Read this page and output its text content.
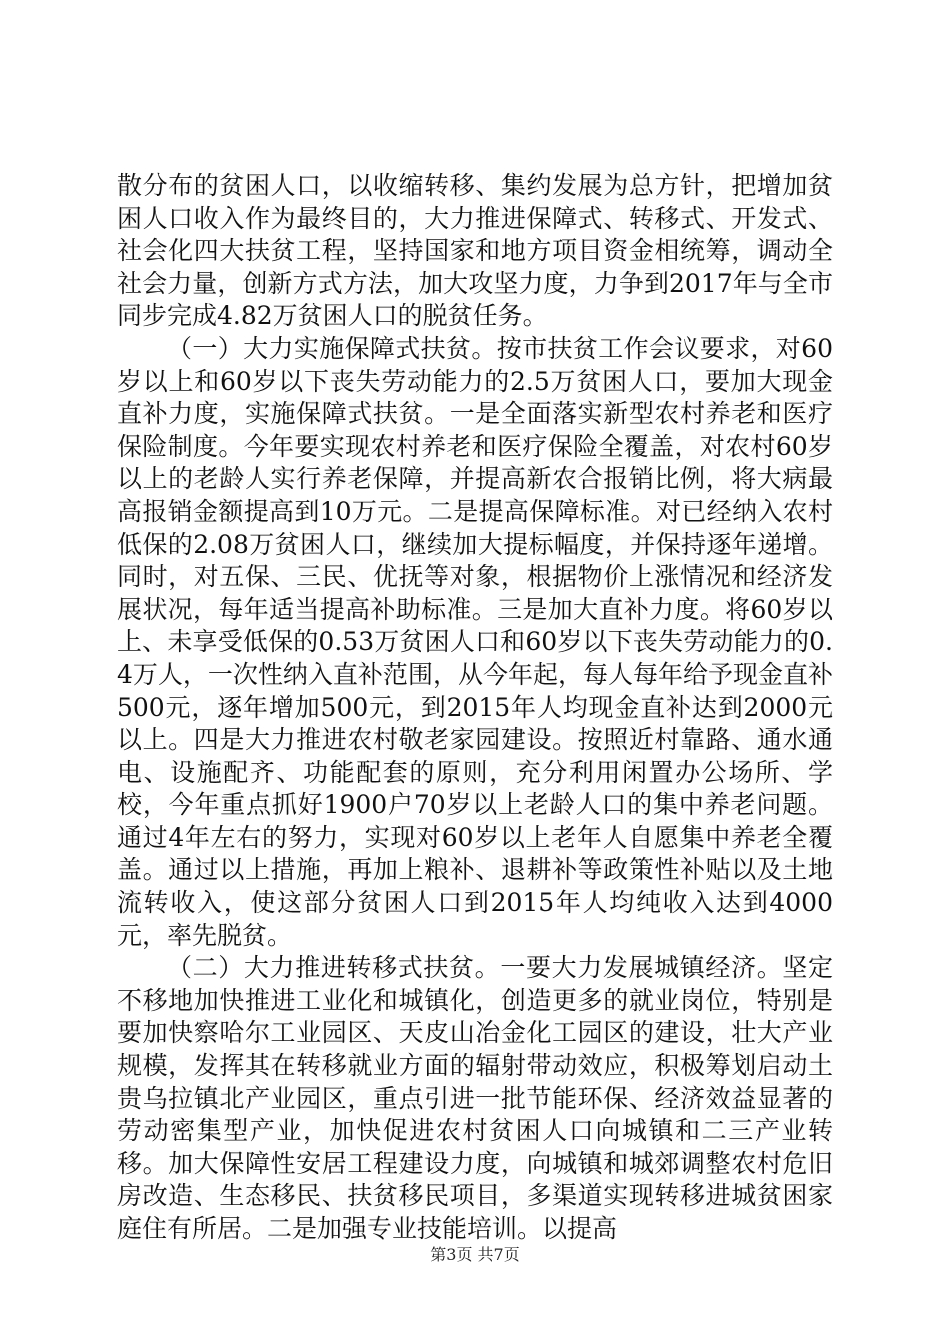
散分布的贫困人口，以收缩转移、集约发展为总方针，把增加贫困人口收入作为最终目的，大力推进保障式、转移式、开发式、社会化四大扶贫工程，坚持国家和地方项目资金相统筹，调动全社会力量，创新方式方法，加大攻坚力度，力争到2017年与全市同步完成4.82万贫困人口的脱贫任务。

（一）大力实施保障式扶贫。按市扶贫工作会议要求，对60岁以上和60岁以下丧失劳动能力的2.5万贫困人口，要加大现金直补力度，实施保障式扶贫。一是全面落实新型农村养老和医疗保险制度。今年要实现农村养老和医疗保险全覆盖，对农村60岁以上的老龄人实行养老保障，并提高新农合报销比例，将大病最高报销金额提高到10万元。二是提高保障标准。对已经纳入农村低保的2.08万贫困人口，继续加大提标幅度，并保持逐年递增。同时，对五保、三民、优抚等对象，根据物价上涨情况和经济发展状况，每年适当提高补助标准。三是加大直补力度。将60岁以上、未享受低保的0.53万贫困人口和60岁以下丧失劳动能力的0.4万人，一次性纳入直补范围，从今年起，每人每年给予现金直补500元，逐年增加500元，到2015年人均现金直补达到2000元以上。四是大力推进农村敬老家园建设。按照近村靠路、通水通电、设施配齐、功能配套的原则，充分利用闲置办公场所、学校，今年重点抓好1900户70岁以上老龄人口的集中养老问题。通过4年左右的努力，实现对60岁以上老年人自愿集中养老全覆盖。通过以上措施，再加上粮补、退耕补等政策性补贴以及土地流转收入，使这部分贫困人口到2015年人均纯收入达到4000元，率先脱贫。

（二）大力推进转移式扶贫。一要大力发展城镇经济。坚定不移地加快推进工业化和城镇化，创造更多的就业岗位，特别是要加快察哈尔工业园区、天皮山冶金化工园区的建设，壮大产业规模，发挥其在转移就业方面的辐射带动效应，积极筹划启动土贵乌拉镇北产业园区，重点引进一批节能环保、经济效益显著的劳动密集型产业，加快促进农村贫困人口向城镇和二三产业转移。加大保障性安居工程建设力度，向城镇和城郊调整农村危旧房改造、生态移民、扶贫移民项目，多渠道实现转移进城贫困家庭住有所居。二是加强专业技能培训。以提高

第3页 共7页
